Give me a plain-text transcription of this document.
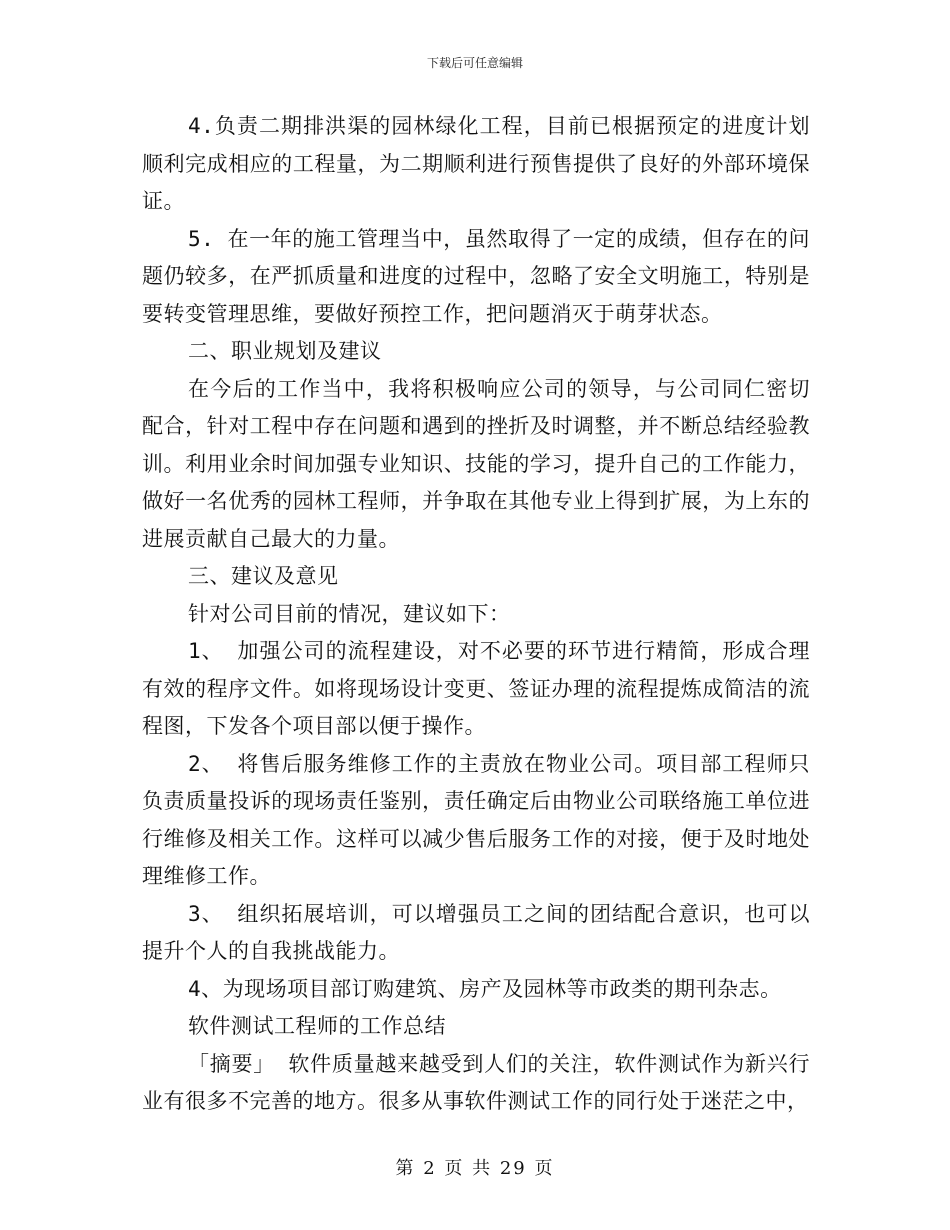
下载后可任意编辑

4.负责二期排洪渠的园林绿化工程，目前已根据预定的进度计划顺利完成相应的工程量，为二期顺利进行预售提供了良好的外部环境保证。

5. 在一年的施工管理当中，虽然取得了一定的成绩，但存在的问题仍较多，在严抓质量和进度的过程中，忽略了安全文明施工，特别是要转变管理思维，要做好预控工作，把问题消灭于萌芽状态。

二、职业规划及建议

在今后的工作当中，我将积极响应公司的领导，与公司同仁密切配合，针对工程中存在问题和遇到的挫折及时调整，并不断总结经验教训。利用业余时间加强专业知识、技能的学习，提升自己的工作能力，做好一名优秀的园林工程师，并争取在其他专业上得到扩展，为上东的进展贡献自己最大的力量。

三、建议及意见

针对公司目前的情况，建议如下：

1、 加强公司的流程建设，对不必要的环节进行精简，形成合理有效的程序文件。如将现场设计变更、签证办理的流程提炼成简洁的流程图，下发各个项目部以便于操作。

2、 将售后服务维修工作的主责放在物业公司。项目部工程师只负责质量投诉的现场责任鉴别，责任确定后由物业公司联络施工单位进行维修及相关工作。这样可以减少售后服务工作的对接，便于及时地处理维修工作。

3、 组织拓展培训，可以增强员工之间的团结配合意识，也可以提升个人的自我挑战能力。

4、为现场项目部订购建筑、房产及园林等市政类的期刊杂志。

软件测试工程师的工作总结

「摘要」 软件质量越来越受到人们的关注，软件测试作为新兴行业有很多不完善的地方。很多从事软件测试工作的同行处于迷茫之中，

第 2 页 共 29 页
